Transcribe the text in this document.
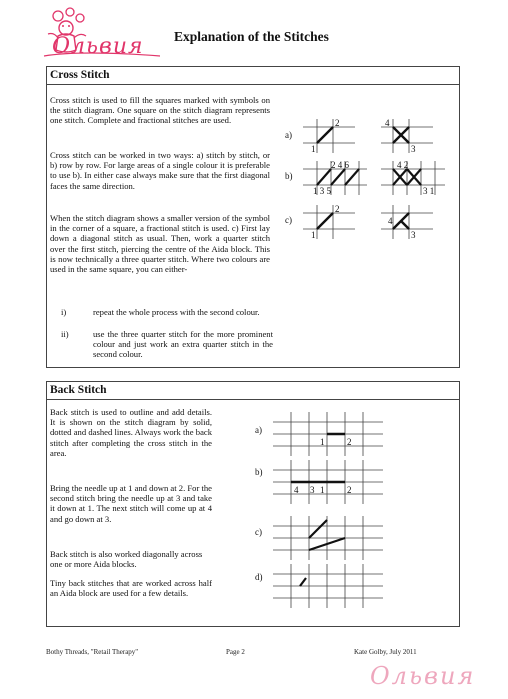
Ольвия Explanation of the Stitches
Cross Stitch
Cross stitch is used to fill the squares marked with symbols on the stitch diagram. One square on the stitch diagram represents one stitch. Complete and fractional stitches are used.
Cross stitch can be worked in two ways: a) stitch by stitch, or b) row by row. For large areas of a single colour it is preferable to use b). In either case always make sure that the first diagonal faces the same direction.
When the stitch diagram shows a smaller version of the symbol in the corner of a square, a fractional stitch is used. c) First lay down a diagonal stitch as usual. Then, work a quarter stitch over the first stitch, piercing the centre of the Aida block. This is now technically a three quarter stitch. Where two colours are used in the same square, you can either-
i)	repeat the whole process with the second colour.
ii)	use the three quarter stitch for the more prominent colour and just work an extra quarter stitch in the second colour.
a)
b)
c)
2
1
4
3
2 4 6
1 3 5
4 2
3 1
2
1
4
3
Back Stitch
Back stitch is used to outline and add details. It is shown on the stitch diagram by solid, dotted and dashed lines. Always work the back stitch after completing the cross stitch in the area.
Bring the needle up at 1 and down at 2. For the second stitch bring the needle up at 3 and take it down at 1. The next stitch will come up at 4 and go down at 3.
Back stitch is also worked diagonally across one or more Aida blocks.
Tiny back stitches that are worked across half an Aida block are used for a few details.
a)
b)
c)
d)
1	2
4 3 1	2
Bothy Threads, "Retail Therapy"	Page 2	Kate Golby, July 2011
Ольвия
